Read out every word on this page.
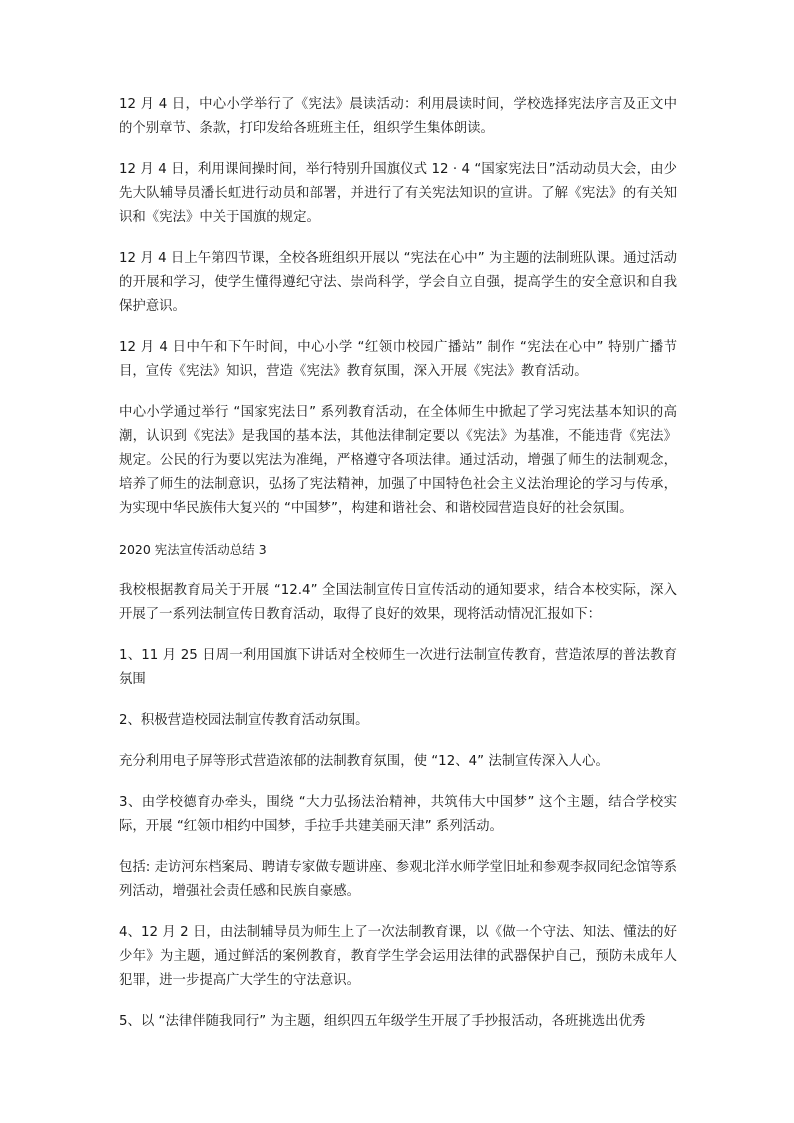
12 月 4 日，中心小学举行了《宪法》晨读活动：利用晨读时间，学校选择宪法序言及正文中的个别章节、条款，打印发给各班班主任，组织学生集体朗读。

12 月 4 日，利用课间操时间，举行特别升国旗仪式 12 · 4 “国家宪法日”活动动员大会，由少先大队辅导员潘长虹进行动员和部署，并进行了有关宪法知识的宣讲。了解《宪法》的有关知识和《宪法》中关于国旗的规定。

12 月 4 日上午第四节课，全校各班组织开展以 “宪法在心中” 为主题的法制班队课。通过活动的开展和学习，使学生懂得遵纪守法、崇尚科学，学会自立自强，提高学生的安全意识和自我保护意识。

12 月 4 日中午和下午时间，中心小学 “红领巾校园广播站” 制作 “宪法在心中” 特别广播节目，宣传《宪法》知识，营造《宪法》教育氛围，深入开展《宪法》教育活动。

中心小学通过举行 “国家宪法日” 系列教育活动，在全体师生中掀起了学习宪法基本知识的高潮，认识到《宪法》是我国的基本法，其他法律制定要以《宪法》为基准，不能违背《宪法》规定。公民的行为要以宪法为准绳，严格遵守各项法律。通过活动，增强了师生的法制观念，培养了师生的法制意识，弘扬了宪法精神，加强了中国特色社会主义法治理论的学习与传承，为实现中华民族伟大复兴的 “中国梦”，构建和谐社会、和谐校园营造良好的社会氛围。

2020 宪法宣传活动总结 3

我校根据教育局关于开展 “12.4” 全国法制宣传日宣传活动的通知要求，结合本校实际，深入开展了一系列法制宣传日教育活动，取得了良好的效果，现将活动情况汇报如下：

1、11 月 25 日周一利用国旗下讲话对全校师生一次进行法制宣传教育，营造浓厚的普法教育氛围

2、积极营造校园法制宣传教育活动氛围。

充分利用电子屏等形式营造浓郁的法制教育氛围，使 “12、4” 法制宣传深入人心。

3、由学校德育办牵头，围绕 “大力弘扬法治精神，共筑伟大中国梦” 这个主题，结合学校实际，开展 “红领巾相约中国梦，手拉手共建美丽天津” 系列活动。

包括: 走访河东档案局、聘请专家做专题讲座、参观北洋水师学堂旧址和参观李叔同纪念馆等系列活动，增强社会责任感和民族自豪感。

4、12 月 2 日，由法制辅导员为师生上了一次法制教育课，以《做一个守法、知法、懂法的好少年》为主题，通过鲜活的案例教育，教育学生学会运用法律的武器保护自己，预防未成年人犯罪，进一步提高广大学生的守法意识。

5、以 “法律伴随我同行” 为主题，组织四五年级学生开展了手抄报活动，各班挑选出优秀
